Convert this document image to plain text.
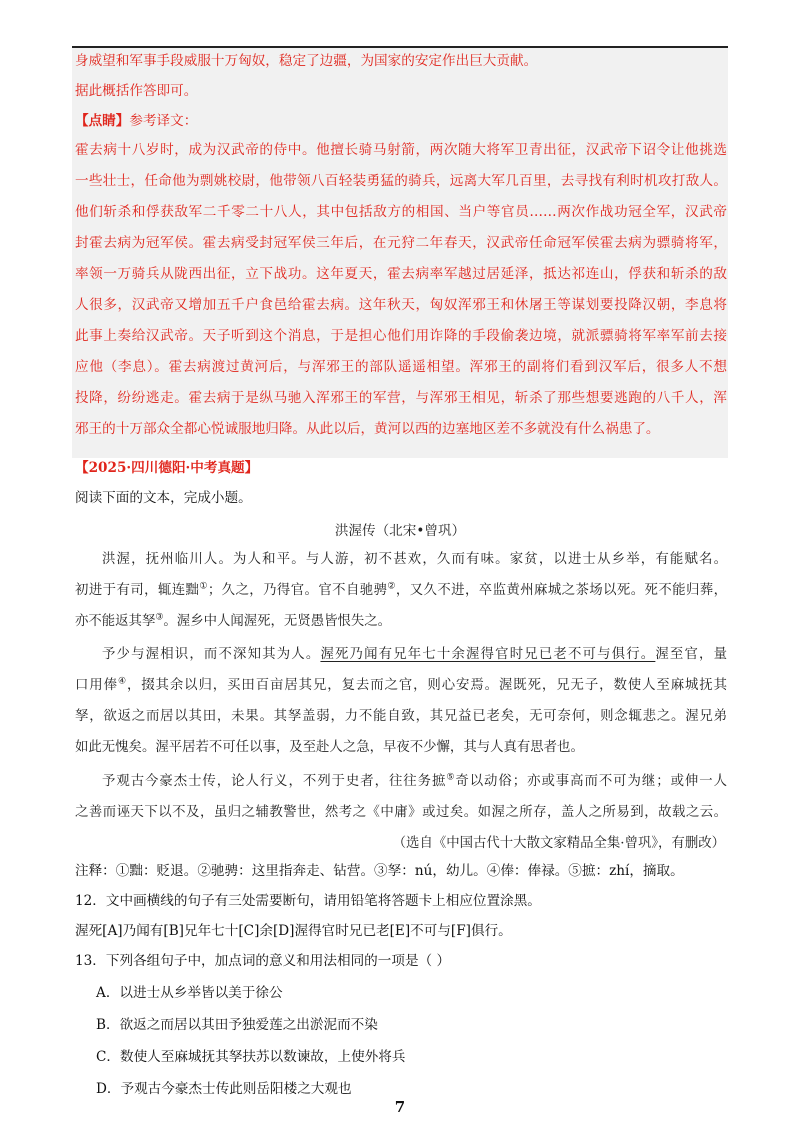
身威望和军事手段威服十万匈奴，稳定了边疆，为国家的安定作出巨大贡献。
据此概括作答即可。
【点睛】参考译文：
霍去病十八岁时，成为汉武帝的侍中。他擅长骑马射箭，两次随大将军卫青出征，汉武帝下诏令让他挑选
一些壮士，任命他为剽姚校尉，他带领八百轻装勇猛的骑兵，远离大军几百里，去寻找有利时机攻打敌人。
他们斩杀和俘获敌军二千零二十八人，其中包括敌方的相国、当户等官员……两次作战功冠全军，汉武帝
封霍去病为冠军侯。霍去病受封冠军侯三年后，在元狩二年春天，汉武帝任命冠军侯霍去病为骠骑将军，
率领一万骑兵从陇西出征，立下战功。这年夏天，霍去病率军越过居延泽，抵达祁连山，俘获和斩杀的敌
人很多，汉武帝又增加五千户食邑给霍去病。这年秋天，匈奴浑邪王和休屠王等谋划要投降汉朝，李息将
此事上奏给汉武帝。天子听到这个消息，于是担心他们用诈降的手段偷袭边境，就派骠骑将军率军前去接
应他（李息）。霍去病渡过黄河后，与浑邪王的部队遥遥相望。浑邪王的副将们看到汉军后，很多人不想
投降，纷纷逃走。霍去病于是纵马驰入浑邪王的军营，与浑邪王相见，斩杀了那些想要逃跑的八千人，浑
邪王的十万部众全都心悦诚服地归降。从此以后，黄河以西的边塞地区差不多就没有什么祸患了。
【2025·四川德阳·中考真题】
阅读下面的文本，完成小题。
洪渥传（北宋•曾巩）
洪渥，抚州临川人。为人和平。与人游，初不甚欢，久而有味。家贫，以进士从乡举，有能赋名。
初进于有司，辄连黜①；久之，乃得官。官不自驰骋②，又久不进，卒监黄州麻城之茶场以死。死不能归葬，
亦不能返其孥③。渥乡中人闻渥死，无贤愚皆恨失之。
予少与渥相识，而不深知其为人。渥死乃闻有兄年七十余渥得官时兄已老不可与俱行。渥至官，量
口用俸④，掇其余以归，买田百亩居其兄，复去而之官，则心安焉。渥既死，兄无子，数使人至麻城抚其
孥，欲返之而居以其田，未果。其孥盖弱，力不能自致，其兄益已老矣，无可奈何，则念辄悲之。渥兄弟
如此无愧矣。渥平居若不可任以事，及至赴人之急，早夜不少懈，其与人真有思者也。
予观古今豪杰士传，论人行义，不列于史者，往往务摭⑤奇以动俗；亦或事高而不可为继；或伸一人
之善而诬天下以不及，虽归之辅教警世，然考之《中庸》或过矣。如渥之所存，盖人之所易到，故载之云。
（选自《中国古代十大散文家精品全集·曾巩》，有删改）
注释：①黜：贬退。②驰骋：这里指奔走、钻营。③孥：nú，幼儿。④俸：俸禄。⑤摭：zhí，摘取。
12．文中画横线的句子有三处需要断句，请用铅笔将答题卡上相应位置涂黑。
渥死[A]乃闻有[B]兄年七十[C]余[D]渥得官时兄已老[E]不可与[F]俱行。
13．下列各组句子中，加点词的意义和用法相同的一项是（ ）
A．以进士从乡举皆以美于徐公
B．欲返之而居以其田予独爱莲之出淤泥而不染
C．数使人至麻城抚其孥扶苏以数谏故，上使外将兵
D．予观古今豪杰士传此则岳阳楼之大观也
7
